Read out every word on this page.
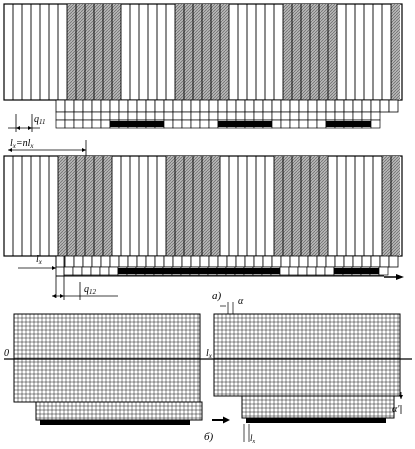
$q_{11}$
$l_x=nl_x$
$l_x$
$q_{12}$	а)
0	$l_x$
α
α'
$l_x$
б)
